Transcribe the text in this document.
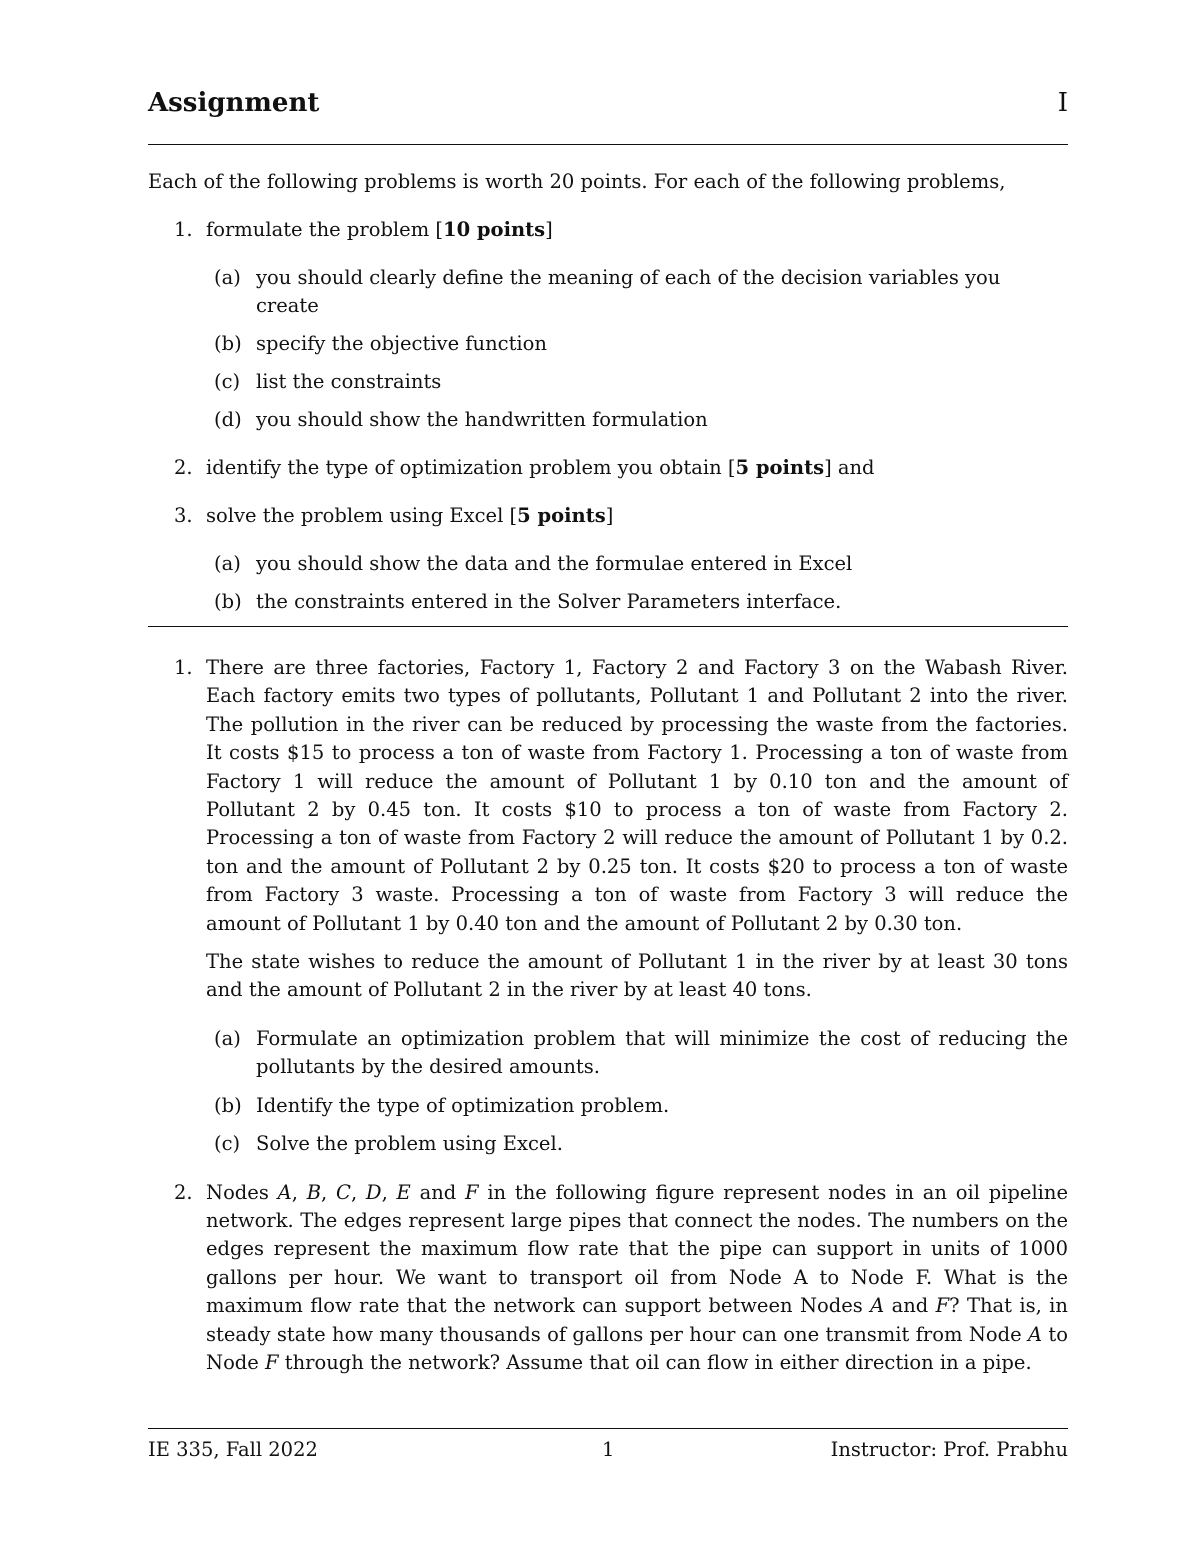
Assignment	I
Each of the following problems is worth 20 points. For each of the following problems,
1. formulate the problem [10 points]
(a) you should clearly define the meaning of each of the decision variables you create
(b) specify the objective function
(c) list the constraints
(d) you should show the handwritten formulation
2. identify the type of optimization problem you obtain [5 points] and
3. solve the problem using Excel [5 points]
(a) you should show the data and the formulae entered in Excel
(b) the constraints entered in the Solver Parameters interface.
1. There are three factories, Factory 1, Factory 2 and Factory 3 on the Wabash River. Each factory emits two types of pollutants, Pollutant 1 and Pollutant 2 into the river. The pollution in the river can be reduced by processing the waste from the factories. It costs $15 to process a ton of waste from Factory 1. Processing a ton of waste from Factory 1 will reduce the amount of Pollutant 1 by 0.10 ton and the amount of Pollutant 2 by 0.45 ton. It costs $10 to process a ton of waste from Factory 2. Processing a ton of waste from Factory 2 will reduce the amount of Pollutant 1 by 0.2. ton and the amount of Pollutant 2 by 0.25 ton. It costs $20 to process a ton of waste from Factory 3 waste. Processing a ton of waste from Factory 3 will reduce the amount of Pollutant 1 by 0.40 ton and the amount of Pollutant 2 by 0.30 ton.

The state wishes to reduce the amount of Pollutant 1 in the river by at least 30 tons and the amount of Pollutant 2 in the river by at least 40 tons.

(a) Formulate an optimization problem that will minimize the cost of reducing the pollutants by the desired amounts.

(b) Identify the type of optimization problem.

(c) Solve the problem using Excel.

2. Nodes A, B, C, D, E and F in the following figure represent nodes in an oil pipeline network. The edges represent large pipes that connect the nodes. The numbers on the edges represent the maximum flow rate that the pipe can support in units of 1000 gallons per hour. We want to transport oil from Node A to Node F. What is the maximum flow rate that the network can support between Nodes A and F? That is, in steady state how many thousands of gallons per hour can one transmit from Node A to Node F through the network? Assume that oil can flow in either direction in a pipe.

IE 335, Fall 2022	1	Instructor: Prof. Prabhu
